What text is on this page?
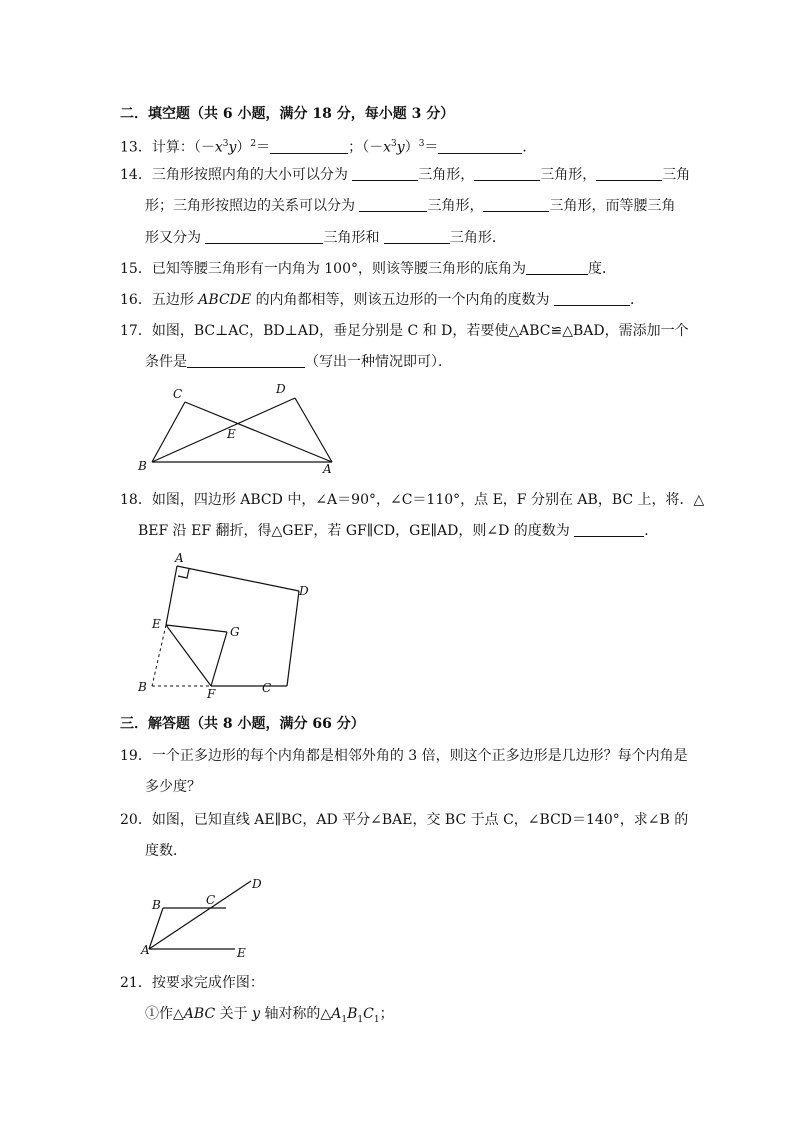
二．填空题（共 6 小题，满分 18 分，每小题 3 分）
13．计算：$(-x^3y)^2=$	；$(-x^3y)^3=$	．
14．三角形按照内角的大小可以分为	三角形，	三角形，	三角
形；三角形按照边的关系可以分为	三角形，	三角形，而等腰三角
形又分为	三角形和	三角形．
15．已知等腰三角形有一内角为 100°，则该等腰三角形的底角为	度．
16．五边形 ABCDE 的内角都相等，则该五边形的一个内角的度数为	．
17．如图，BC⊥AC，BD⊥AD，垂足分别是 C 和 D，若要使△ABC≌△BAD，需添加一个
条件是	（写出一种情况即可）．
C	D
E
B	A
18．如图，四边形 ABCD 中，∠A＝90°，∠C＝110°，点 E，F 分别在 AB，BC 上，将．△
BEF 沿 EF 翻折，得△GEF，若 GF∥CD，GE∥AD，则∠D 的度数为	．
A
D
E
G
B	F	C
三．解答题（共 8 小题，满分 66 分）
19．一个正多边形的每个内角都是相邻外角的 3 倍，则这个正多边形是几边形？每个内角是
多少度？
20．如图，已知直线 AE∥BC，AD 平分∠BAE，交 BC 于点 C，∠BCD＝140°，求∠B 的
度数．
D
B	C
A	E
21．按要求完成作图：
①作△ABC 关于 y 轴对称的$\triangle A_1B_1C_1$；
